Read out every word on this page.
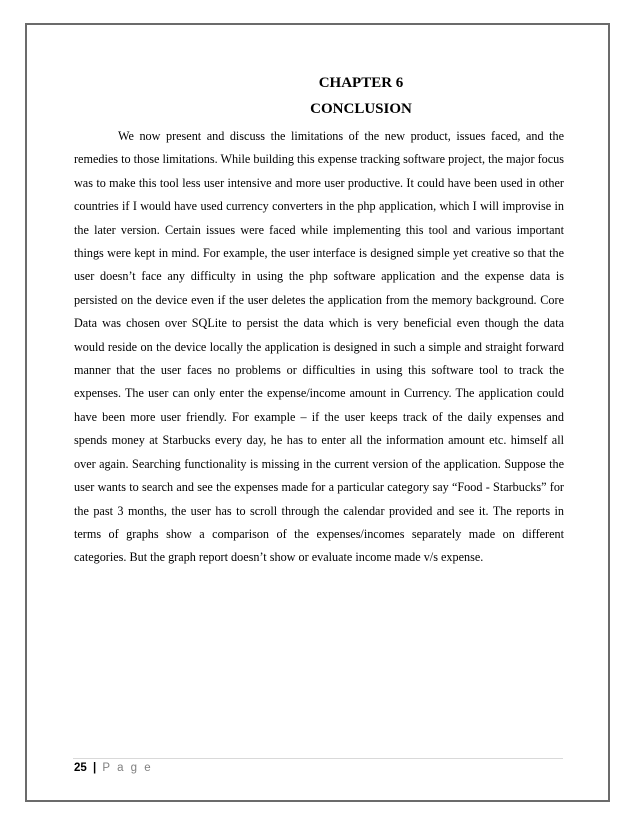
CHAPTER 6
CONCLUSION

We now present and discuss the limitations of the new product, issues faced, and the remedies to those limitations. While building this expense tracking software project, the major focus was to make this tool less user intensive and more user productive. It could have been used in other countries if I would have used currency converters in the php application, which I will improvise in the later version. Certain issues were faced while implementing this tool and various important things were kept in mind. For example, the user interface is designed simple yet creative so that the user doesn’t face any difficulty in using the php software application and the expense data is persisted on the device even if the user deletes the application from the memory background. Core Data was chosen over SQLite to persist the data which is very beneficial even though the data would reside on the device locally the application is designed in such a simple and straight forward manner that the user faces no problems or difficulties in using this software tool to track the expenses. The user can only enter the expense/income amount in Currency. The application could have been more user friendly. For example – if the user keeps track of the daily expenses and spends money at Starbucks every day, he has to enter all the information amount etc. himself all over again. Searching functionality is missing in the current version of the application. Suppose the user wants to search and see the expenses made for a particular category say “Food - Starbucks” for the past 3 months, the user has to scroll through the calendar provided and see it. The reports in terms of graphs show a comparison of the expenses/incomes separately made on different categories. But the graph report doesn’t show or evaluate income made v/s expense.

25 | P a g e
